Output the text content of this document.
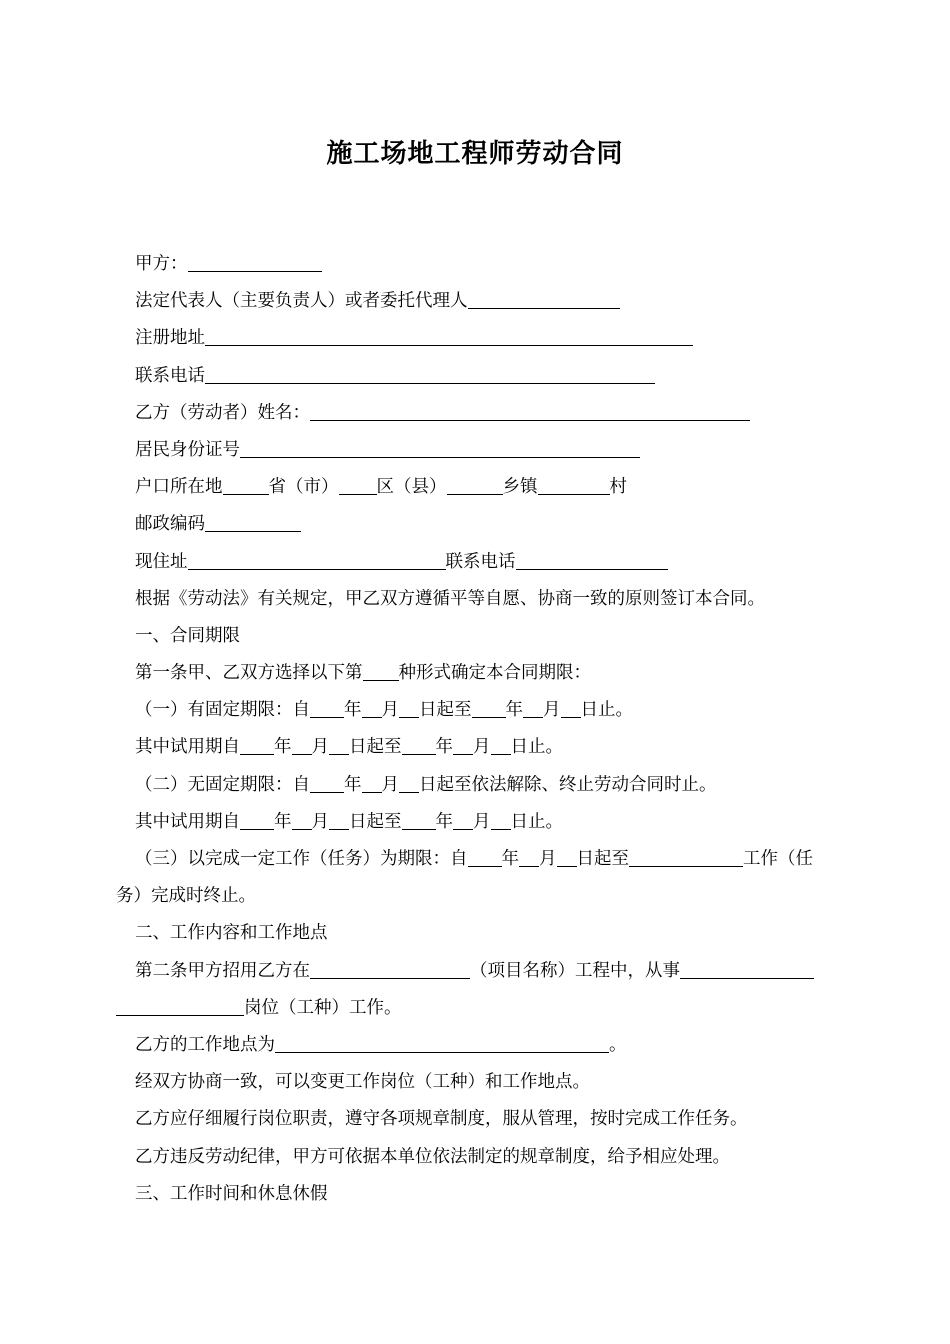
施工场地工程师劳动合同
甲方：
法定代表人（主要负责人）或者委托代理人
注册地址
联系电话
乙方（劳动者）姓名：
居民身份证号
户口所在地	省（市） 区（县）	乡镇	村
邮政编码
现住址	联系电话
根据《劳动法》有关规定，甲乙双方遵循平等自愿、协商一致的原则签订本合同。
一、合同期限
第一条甲、乙双方选择以下第 种形式确定本合同期限：
（一）有固定期限：自 年 月 日起至 年 月 日止。
其中试用期自 年 月 日起至 年 月 日止。
（二）无固定期限：自 年 月 日起至依法解除、终止劳动合同时止。
其中试用期自 年 月 日起至 年 月 日止。
（三）以完成一定工作（任务）为期限：自 年 月 日起至	工作（任
务）完成时终止。
二、工作内容和工作地点
第二条甲方招用乙方在	（项目名称）工程中，从事
岗位（工种）工作。
乙方的工作地点为	。
经双方协商一致，可以变更工作岗位（工种）和工作地点。
乙方应仔细履行岗位职责，遵守各项规章制度，服从管理，按时完成工作任务。
乙方违反劳动纪律，甲方可依据本单位依法制定的规章制度，给予相应处理。
三、工作时间和休息休假
